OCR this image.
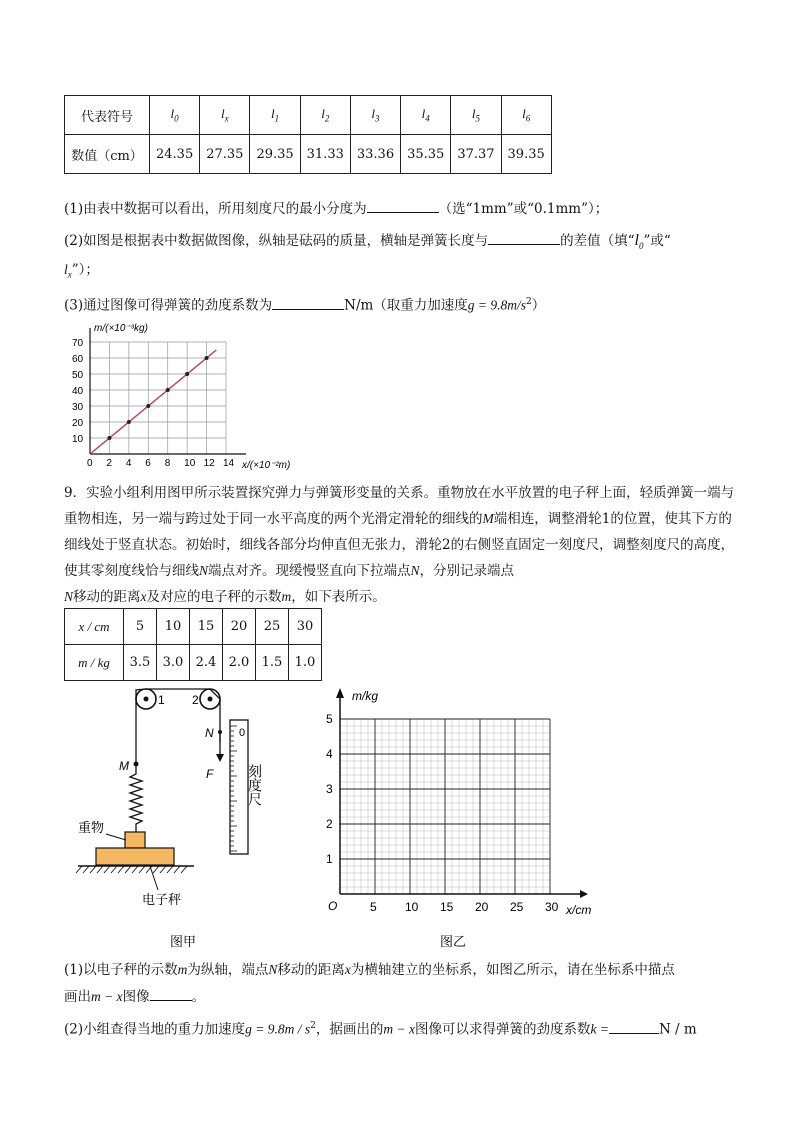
代表符号	$l_0$	$l_x$	$l_1$	$l_2$	$l_3$	$l_4$	$l_5$	$l_6$
数值（cm）	24.35	27.35	29.35	31.33	33.36	35.35	37.37	39.35
(1)由表中数据可以看出，所用刻度尺的最小分度为	（选“1mm”或“0.1mm”）；
(2)如图是根据表中数据做图像，纵轴是砝码的质量，横轴是弹簧长度与	的差值（填“$l_0$”或“
$l_x$”）；
(3)通过图像可得弹簧的劲度系数为	N/m（取重力加速度$g = 9.8m/s^2$）
0 2 4 6 8 10 12 14
10
20
30
40
50
60
70
m/(×10⁻³kg)
x/(×10⁻²m)
9．实验小组利用图甲所示装置探究弹力与弹簧形变量的关系。重物放在水平放置的电子秤上面，轻质弹簧一端与重物相连，另一端与跨过处于同一水平高度的两个光滑定滑轮的细线的M端相连，调整滑轮1的位置，使其下方的细线处于竖直状态。初始时，细线各部分均伸直但无张力，滑轮2的右侧竖直固定一刻度尺，调整刻度尺的高度，使其零刻度线恰与细线N端点对齐。现缓慢竖直向下拉端点N，分别记录端点
N移动的距离x及对应的电子秤的示数m，如下表所示。
x / cm	5	10	15	20	25	30
m / kg	3.5	3.0	2.4	2.0	1.5	1.0
1 2
N
F
0
刻度尺
M
重物
电子秤
图甲
5 10 15 20 25 30
1
2
3
4
5
m/kg
x/cm
O
图乙
(1)以电子秤的示数m为纵轴，端点N移动的距离x为横轴建立的坐标系，如图乙所示，请在坐标系中描点
画出m − x图像	。
(2)小组查得当地的重力加速度$g = 9.8m / s^2$，据画出的m − x图像可以求得弹簧的劲度系数k =	N / m
